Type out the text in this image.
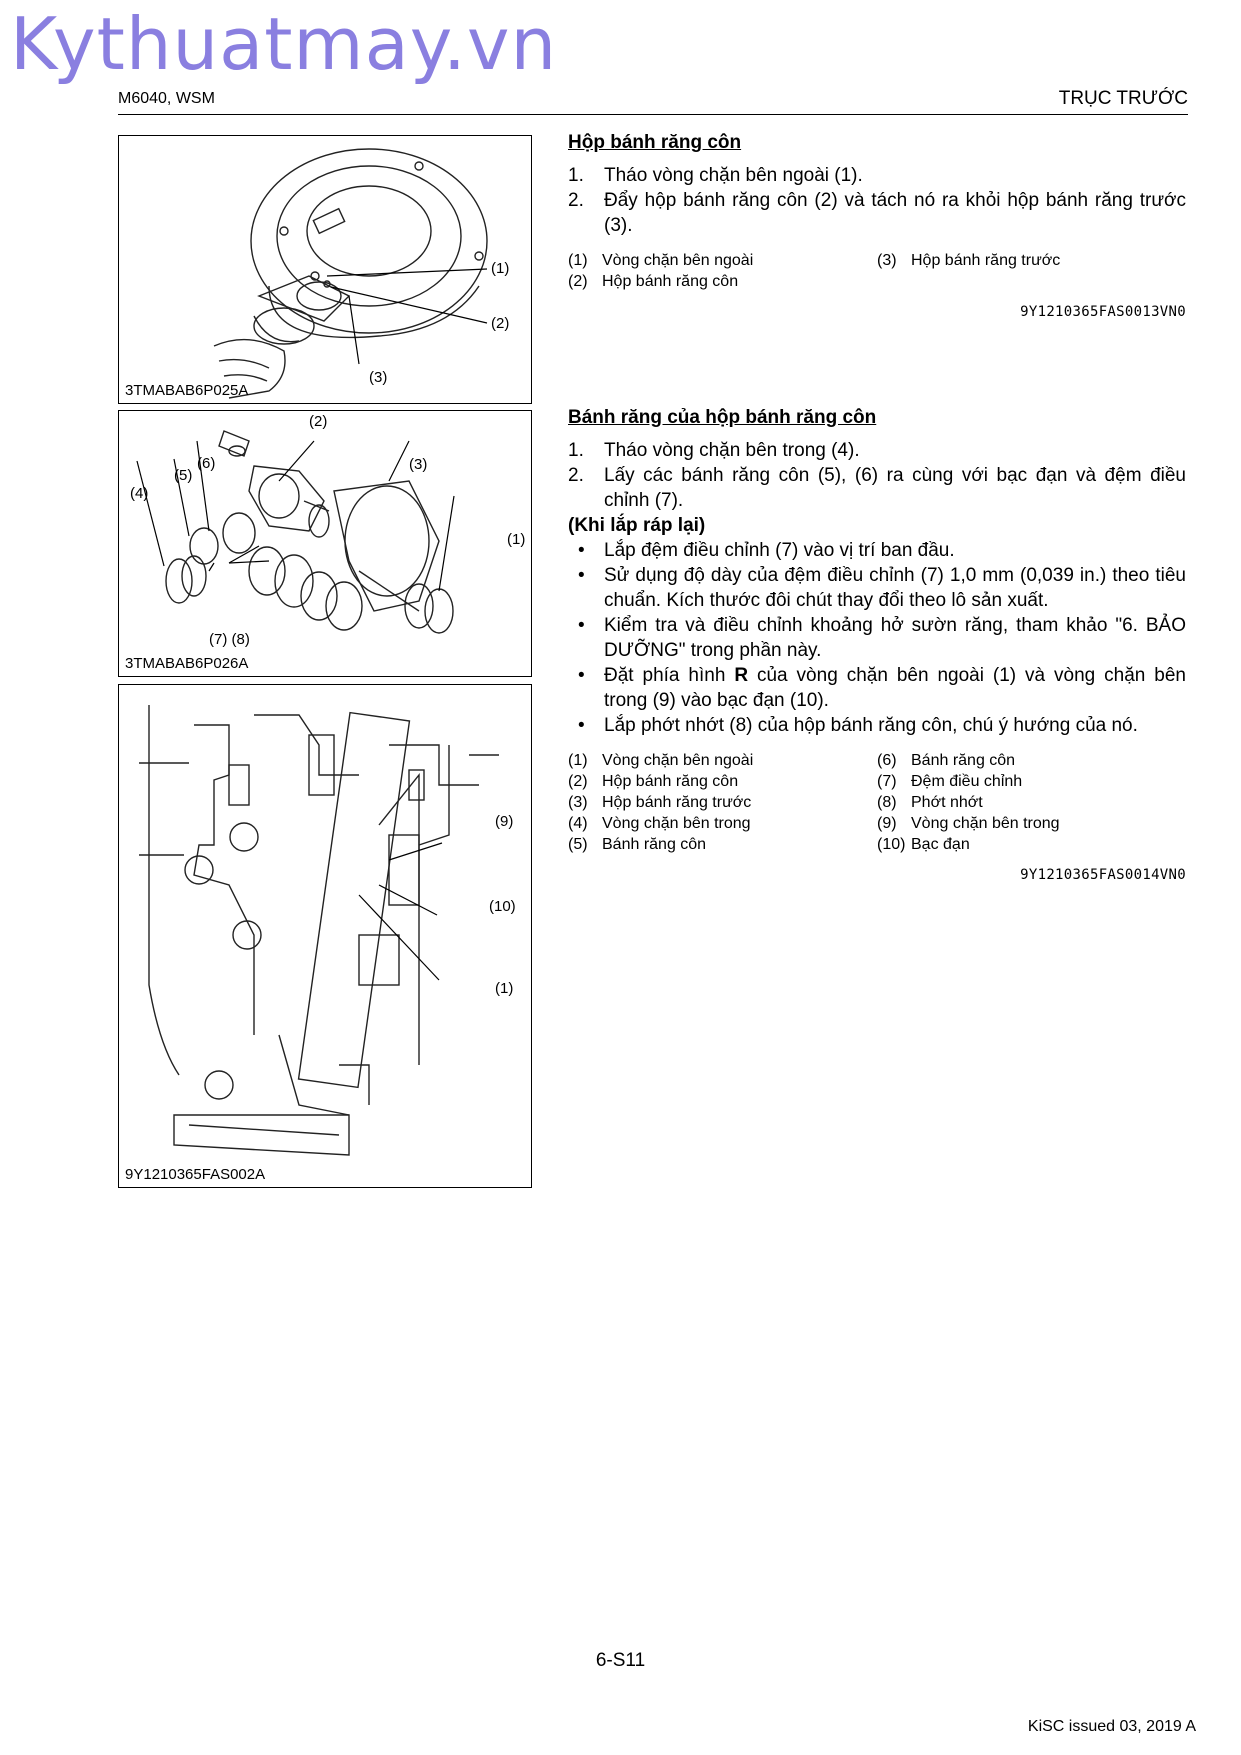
Kythuatmay.vn
M6040, WSM	TRỤC TRƯỚC
(1)
(2)
(3)
3TMABAB6P025A
(2)
(3)
(6)
(5)
(4)
(1)
(7) (8)
3TMABAB6P026A
(9)
(10)
(1)
9Y1210365FAS002A
Hộp bánh răng côn
1. Tháo vòng chặn bên ngoài (1).
2. Đẩy hộp bánh răng côn (2) và tách nó ra khỏi hộp bánh răng trước (3).
(1) Vòng chặn bên ngoài	(3) Hộp bánh răng trước
(2) Hộp bánh răng côn
9Y1210365FAS0013VN0
Bánh răng của hộp bánh răng côn
1. Tháo vòng chặn bên trong (4).
2. Lấy các bánh răng côn (5), (6) ra cùng với bạc đạn và đệm điều chỉnh (7).
(Khi lắp ráp lại)
• Lắp đệm điều chỉnh (7) vào vị trí ban đầu.
• Sử dụng độ dày của đệm điều chỉnh (7) 1,0 mm (0,039 in.) theo tiêu chuẩn. Kích thước đôi chút thay đổi theo lô sản xuất.
• Kiểm tra và điều chỉnh khoảng hở sườn răng, tham khảo "6. BẢO DƯỠNG" trong phần này.
• Đặt phía hình R của vòng chặn bên ngoài (1) và vòng chặn bên trong (9) vào bạc đạn (10).
• Lắp phớt nhớt (8) của hộp bánh răng côn, chú ý hướng của nó.
(1) Vòng chặn bên ngoài	(6) Bánh răng côn
(2) Hộp bánh răng côn	(7) Đệm điều chỉnh
(3) Hộp bánh răng trước	(8) Phớt nhớt
(4) Vòng chặn bên trong	(9) Vòng chặn bên trong
(5) Bánh răng côn	(10) Bạc đạn
9Y1210365FAS0014VN0
6-S11
KiSC issued 03, 2019 A
